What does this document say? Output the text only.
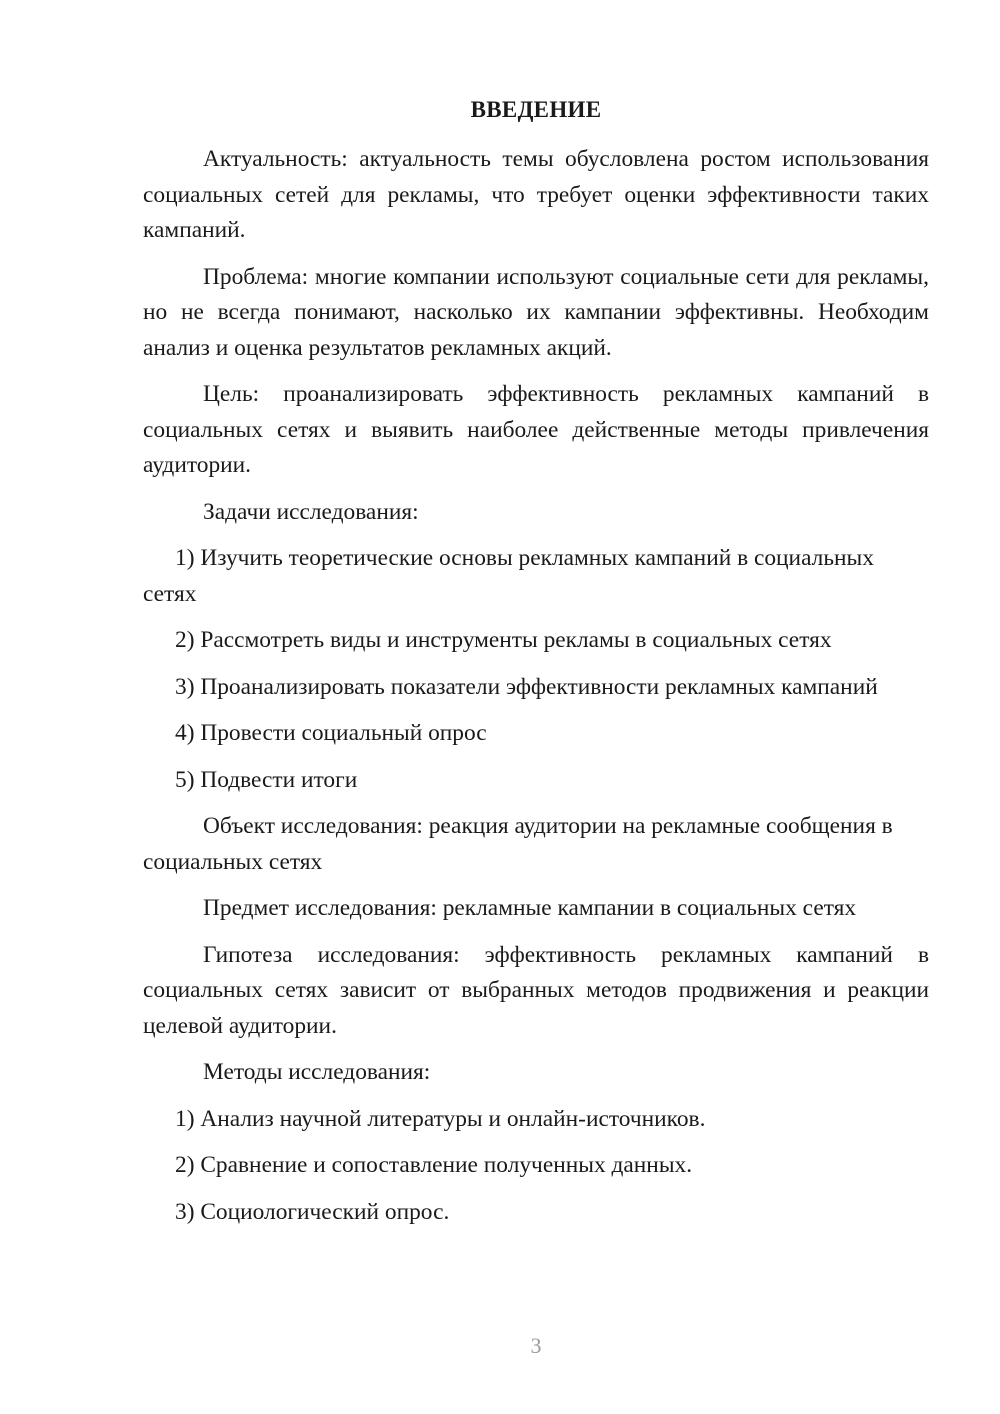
ВВЕДЕНИЕ

Актуальность: актуальность темы обусловлена ростом использования социальных сетей для рекламы, что требует оценки эффективности таких кампаний.

Проблема: многие компании используют социальные сети для рекламы, но не всегда понимают, насколько их кампании эффективны. Необходим анализ и оценка результатов рекламных акций.

Цель: проанализировать эффективность рекламных кампаний в социальных сетях и выявить наиболее действенные методы привлечения аудитории.

Задачи исследования:

1) Изучить теоретические основы рекламных кампаний в социальных сетях

2) Рассмотреть виды и инструменты рекламы в социальных сетях

3) Проанализировать показатели эффективности рекламных кампаний

4) Провести социальный опрос

5) Подвести итоги

Объект исследования: реакция аудитории на рекламные сообщения в социальных сетях

Предмет исследования: рекламные кампании в социальных сетях

Гипотеза исследования: эффективность рекламных кампаний в социальных сетях зависит от выбранных методов продвижения и реакции целевой аудитории.

Методы исследования:

1) Анализ научной литературы и онлайн-источников.

2) Сравнение и сопоставление полученных данных.

3) Социологический опрос.

3
